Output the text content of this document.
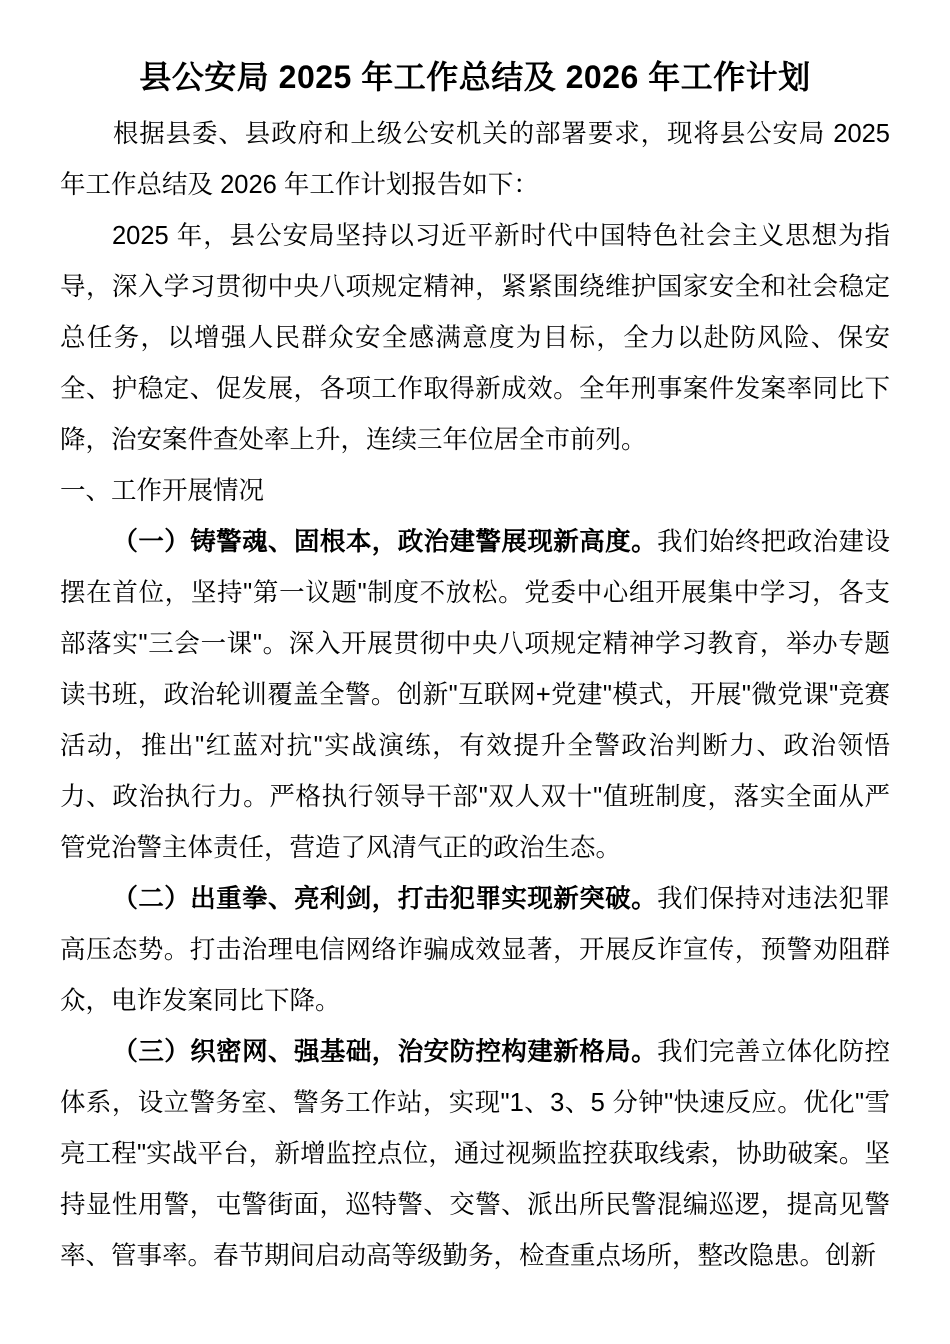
县公安局 2025 年工作总结及 2026 年工作计划

根据县委、县政府和上级公安机关的部署要求，现将县公安局 2025 年工作总结及 2026 年工作计划报告如下：

2025 年，县公安局坚持以习近平新时代中国特色社会主义思想为指导，深入学习贯彻中央八项规定精神，紧紧围绕维护国家安全和社会稳定总任务，以增强人民群众安全感满意度为目标，全力以赴防风险、保安全、护稳定、促发展，各项工作取得新成效。全年刑事案件发案率同比下降，治安案件查处率上升，连续三年位居全市前列。

一、工作开展情况

（一）铸警魂、固根本，政治建警展现新高度。我们始终把政治建设摆在首位，坚持"第一议题"制度不放松。党委中心组开展集中学习，各支部落实"三会一课"。深入开展贯彻中央八项规定精神学习教育，举办专题读书班，政治轮训覆盖全警。创新"互联网+党建"模式，开展"微党课"竞赛活动，推出"红蓝对抗"实战演练，有效提升全警政治判断力、政治领悟力、政治执行力。严格执行领导干部"双人双十"值班制度，落实全面从严管党治警主体责任，营造了风清气正的政治生态。

（二）出重拳、亮利剑，打击犯罪实现新突破。我们保持对违法犯罪高压态势。打击治理电信网络诈骗成效显著，开展反诈宣传，预警劝阻群众，电诈发案同比下降。

（三）织密网、强基础，治安防控构建新格局。我们完善立体化防控体系，设立警务室、警务工作站，实现"1、3、5 分钟"快速反应。优化"雪亮工程"实战平台，新增监控点位，通过视频监控获取线索，协助破案。坚持显性用警，屯警街面，巡特警、交警、派出所民警混编巡逻，提高见警率、管事率。春节期间启动高等级勤务，检查重点场所，整改隐患。创新
